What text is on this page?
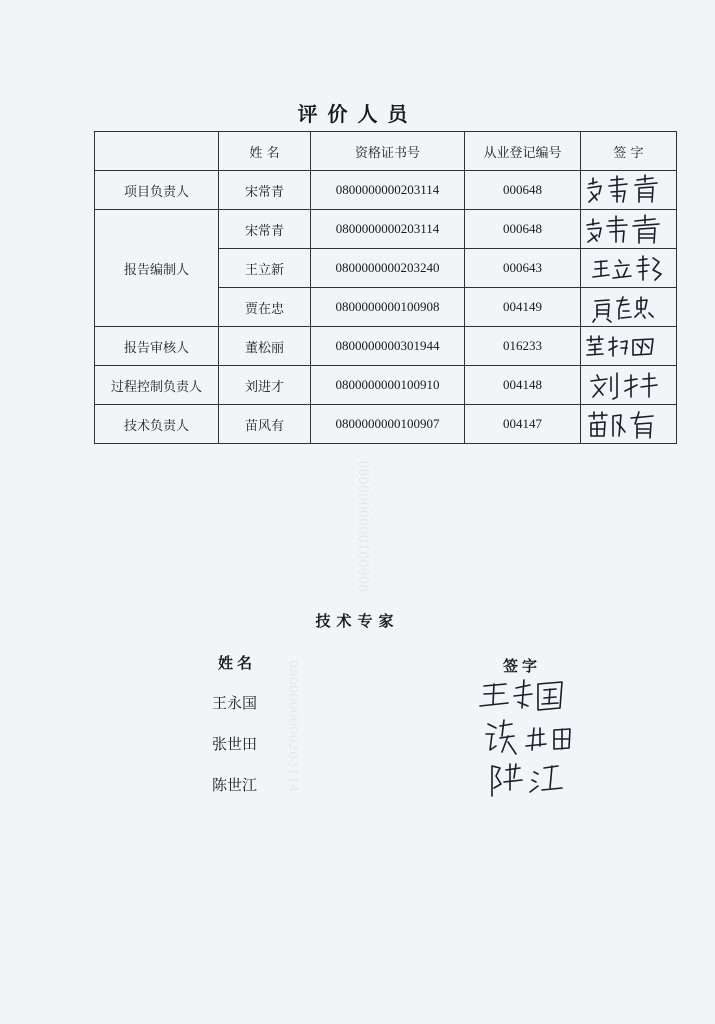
评价人员
	姓 名	资格证书号	从业登记编号	签 字
项目负责人	宋常青	0800000000203114	000648	

报告编制人	宋常青	0800000000203114	000648	

	王立新	0800000000203240	000643	

	贾在忠	0800000000100908	004149	

报告审核人	董松丽	0800000000301944	016233	

过程控制负责人	刘进才	0800000000100910	004148	

技术负责人	苗风有	0800000000100907	004147	
技术专家
姓名	签字
王永国
张世田
陈世江
0800000000100908
0800000000203114
